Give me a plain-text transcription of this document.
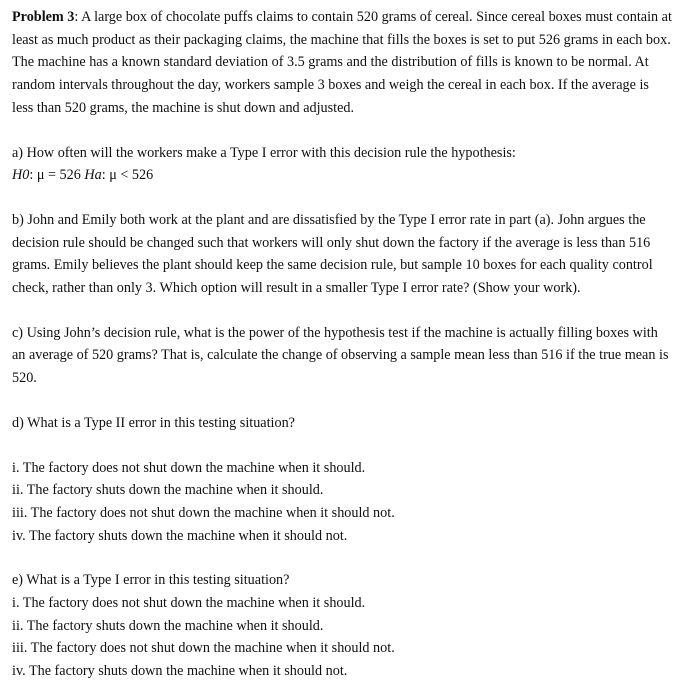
Problem 3: A large box of chocolate puffs claims to contain 520 grams of cereal. Since cereal boxes must contain at least as much product as their packaging claims, the machine that fills the boxes is set to put 526 grams in each box. The machine has a known standard deviation of 3.5 grams and the distribution of fills is known to be normal. At random intervals throughout the day, workers sample 3 boxes and weigh the cereal in each box. If the average is less than 520 grams, the machine is shut down and adjusted.

a) How often will the workers make a Type I error with this decision rule the hypothesis:

H0: μ = 526 Ha: μ < 526

b) John and Emily both work at the plant and are dissatisfied by the Type I error rate in part (a). John argues the decision rule should be changed such that workers will only shut down the factory if the average is less than 516 grams. Emily believes the plant should keep the same decision rule, but sample 10 boxes for each quality control check, rather than only 3. Which option will result in a smaller Type I error rate? (Show your work).

c) Using John’s decision rule, what is the power of the hypothesis test if the machine is actually filling boxes with an average of 520 grams? That is, calculate the change of observing a sample mean less than 516 if the true mean is 520.

d) What is a Type II error in this testing situation?

i. The factory does not shut down the machine when it should.

ii. The factory shuts down the machine when it should.

iii. The factory does not shut down the machine when it should not.

iv. The factory shuts down the machine when it should not.

e) What is a Type I error in this testing situation?

i. The factory does not shut down the machine when it should.

ii. The factory shuts down the machine when it should.

iii. The factory does not shut down the machine when it should not.

iv. The factory shuts down the machine when it should not.
